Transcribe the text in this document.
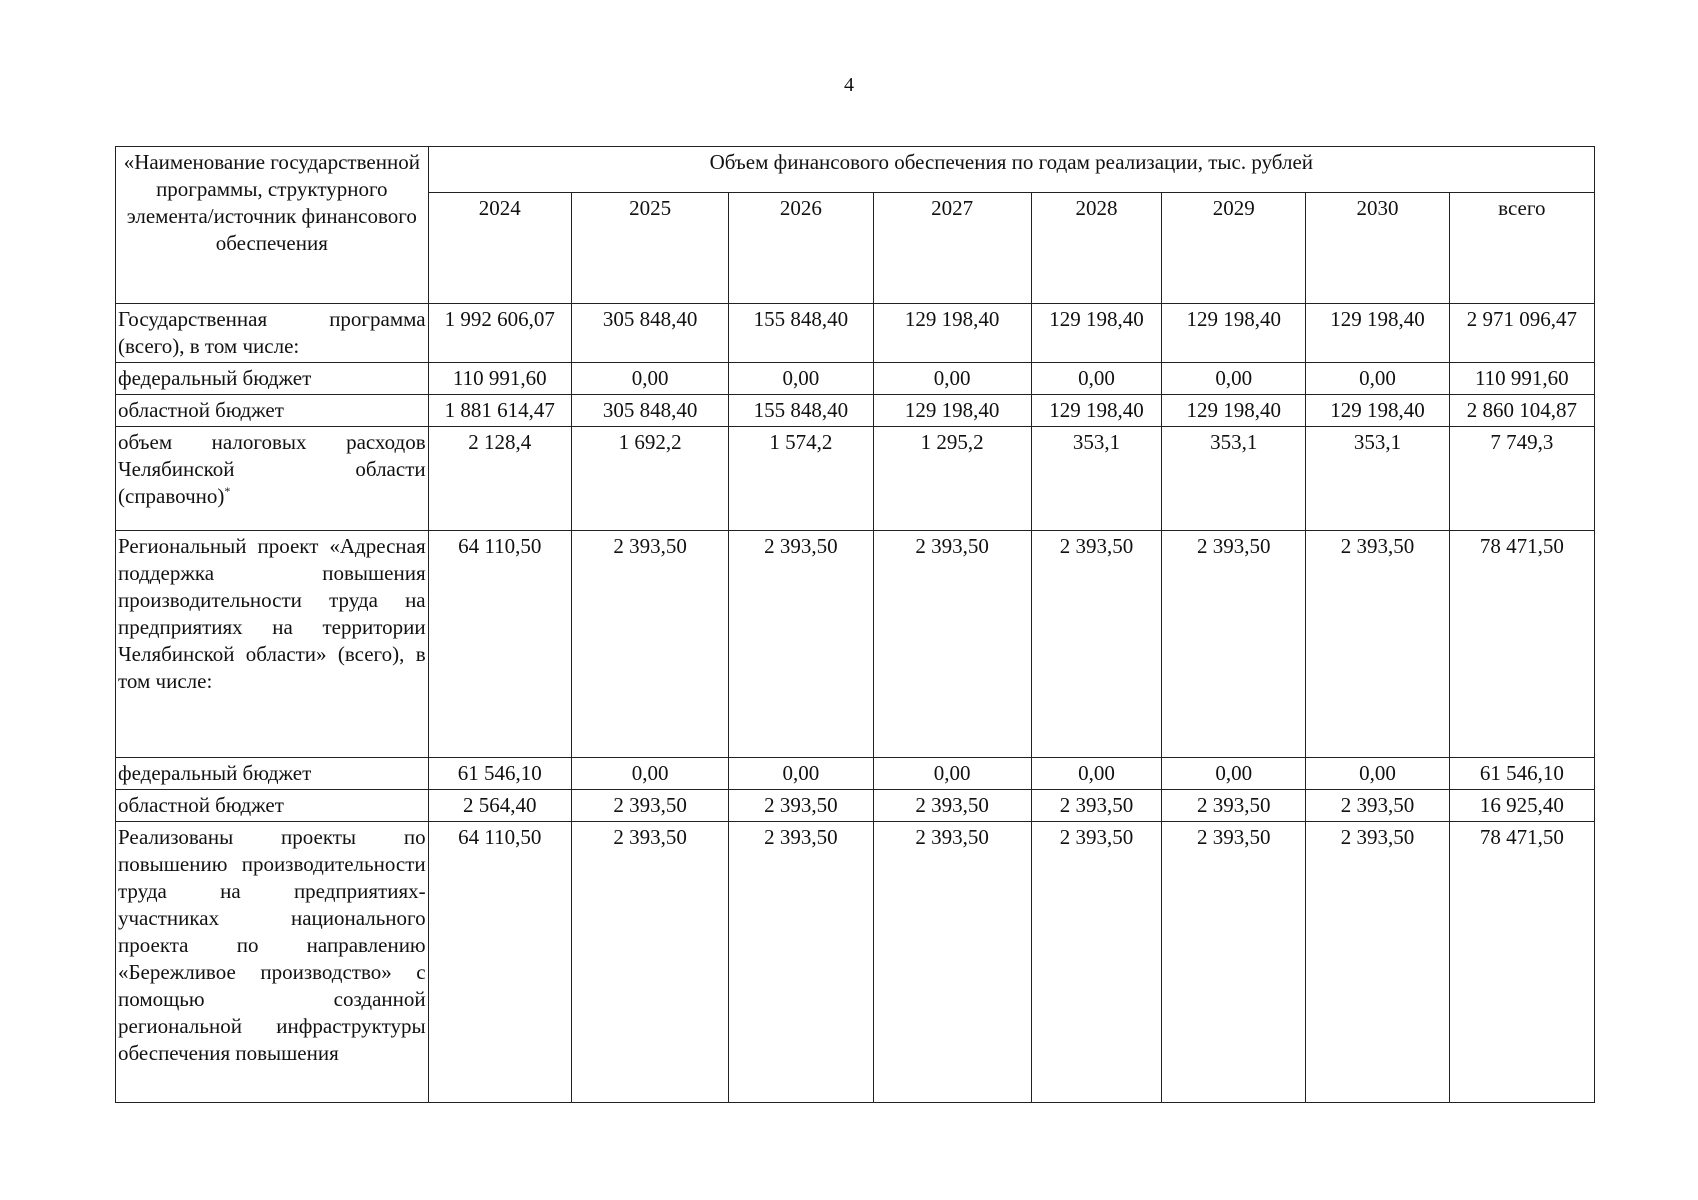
4
«Наименование государственной программы, структурного элемента/источник финансового обеспечения	Объем финансового обеспечения по годам реализации, тыс. рублей							
	2024	2025	2026	2027	2028	2029	2030	всего
Государственная программа (всего), в том числе:	1 992 606,07	305 848,40	155 848,40	129 198,40	129 198,40	129 198,40	129 198,40	2 971 096,47
федеральный бюджет	110 991,60	0,00	0,00	0,00	0,00	0,00	0,00	110 991,60
областной бюджет	1 881 614,47	305 848,40	155 848,40	129 198,40	129 198,40	129 198,40	129 198,40	2 860 104,87
объем налоговых расходов Челябинской области (справочно)*	2 128,4	1 692,2	1 574,2	1 295,2	353,1	353,1	353,1	7 749,3
Региональный проект «Адресная поддержка повышения производительности труда на предприятиях на территории Челябинской области» (всего), в том числе:	64 110,50	2 393,50	2 393,50	2 393,50	2 393,50	2 393,50	2 393,50	78 471,50
федеральный бюджет	61 546,10	0,00	0,00	0,00	0,00	0,00	0,00	61 546,10
областной бюджет	2 564,40	2 393,50	2 393,50	2 393,50	2 393,50	2 393,50	2 393,50	16 925,40
Реализованы проекты по повышению производительности труда на предприятиях-участниках национального проекта по направлению «Бережливое производство» с помощью созданной региональной инфраструктуры обеспечения повышения	64 110,50	2 393,50	2 393,50	2 393,50	2 393,50	2 393,50	2 393,50	78 471,50
